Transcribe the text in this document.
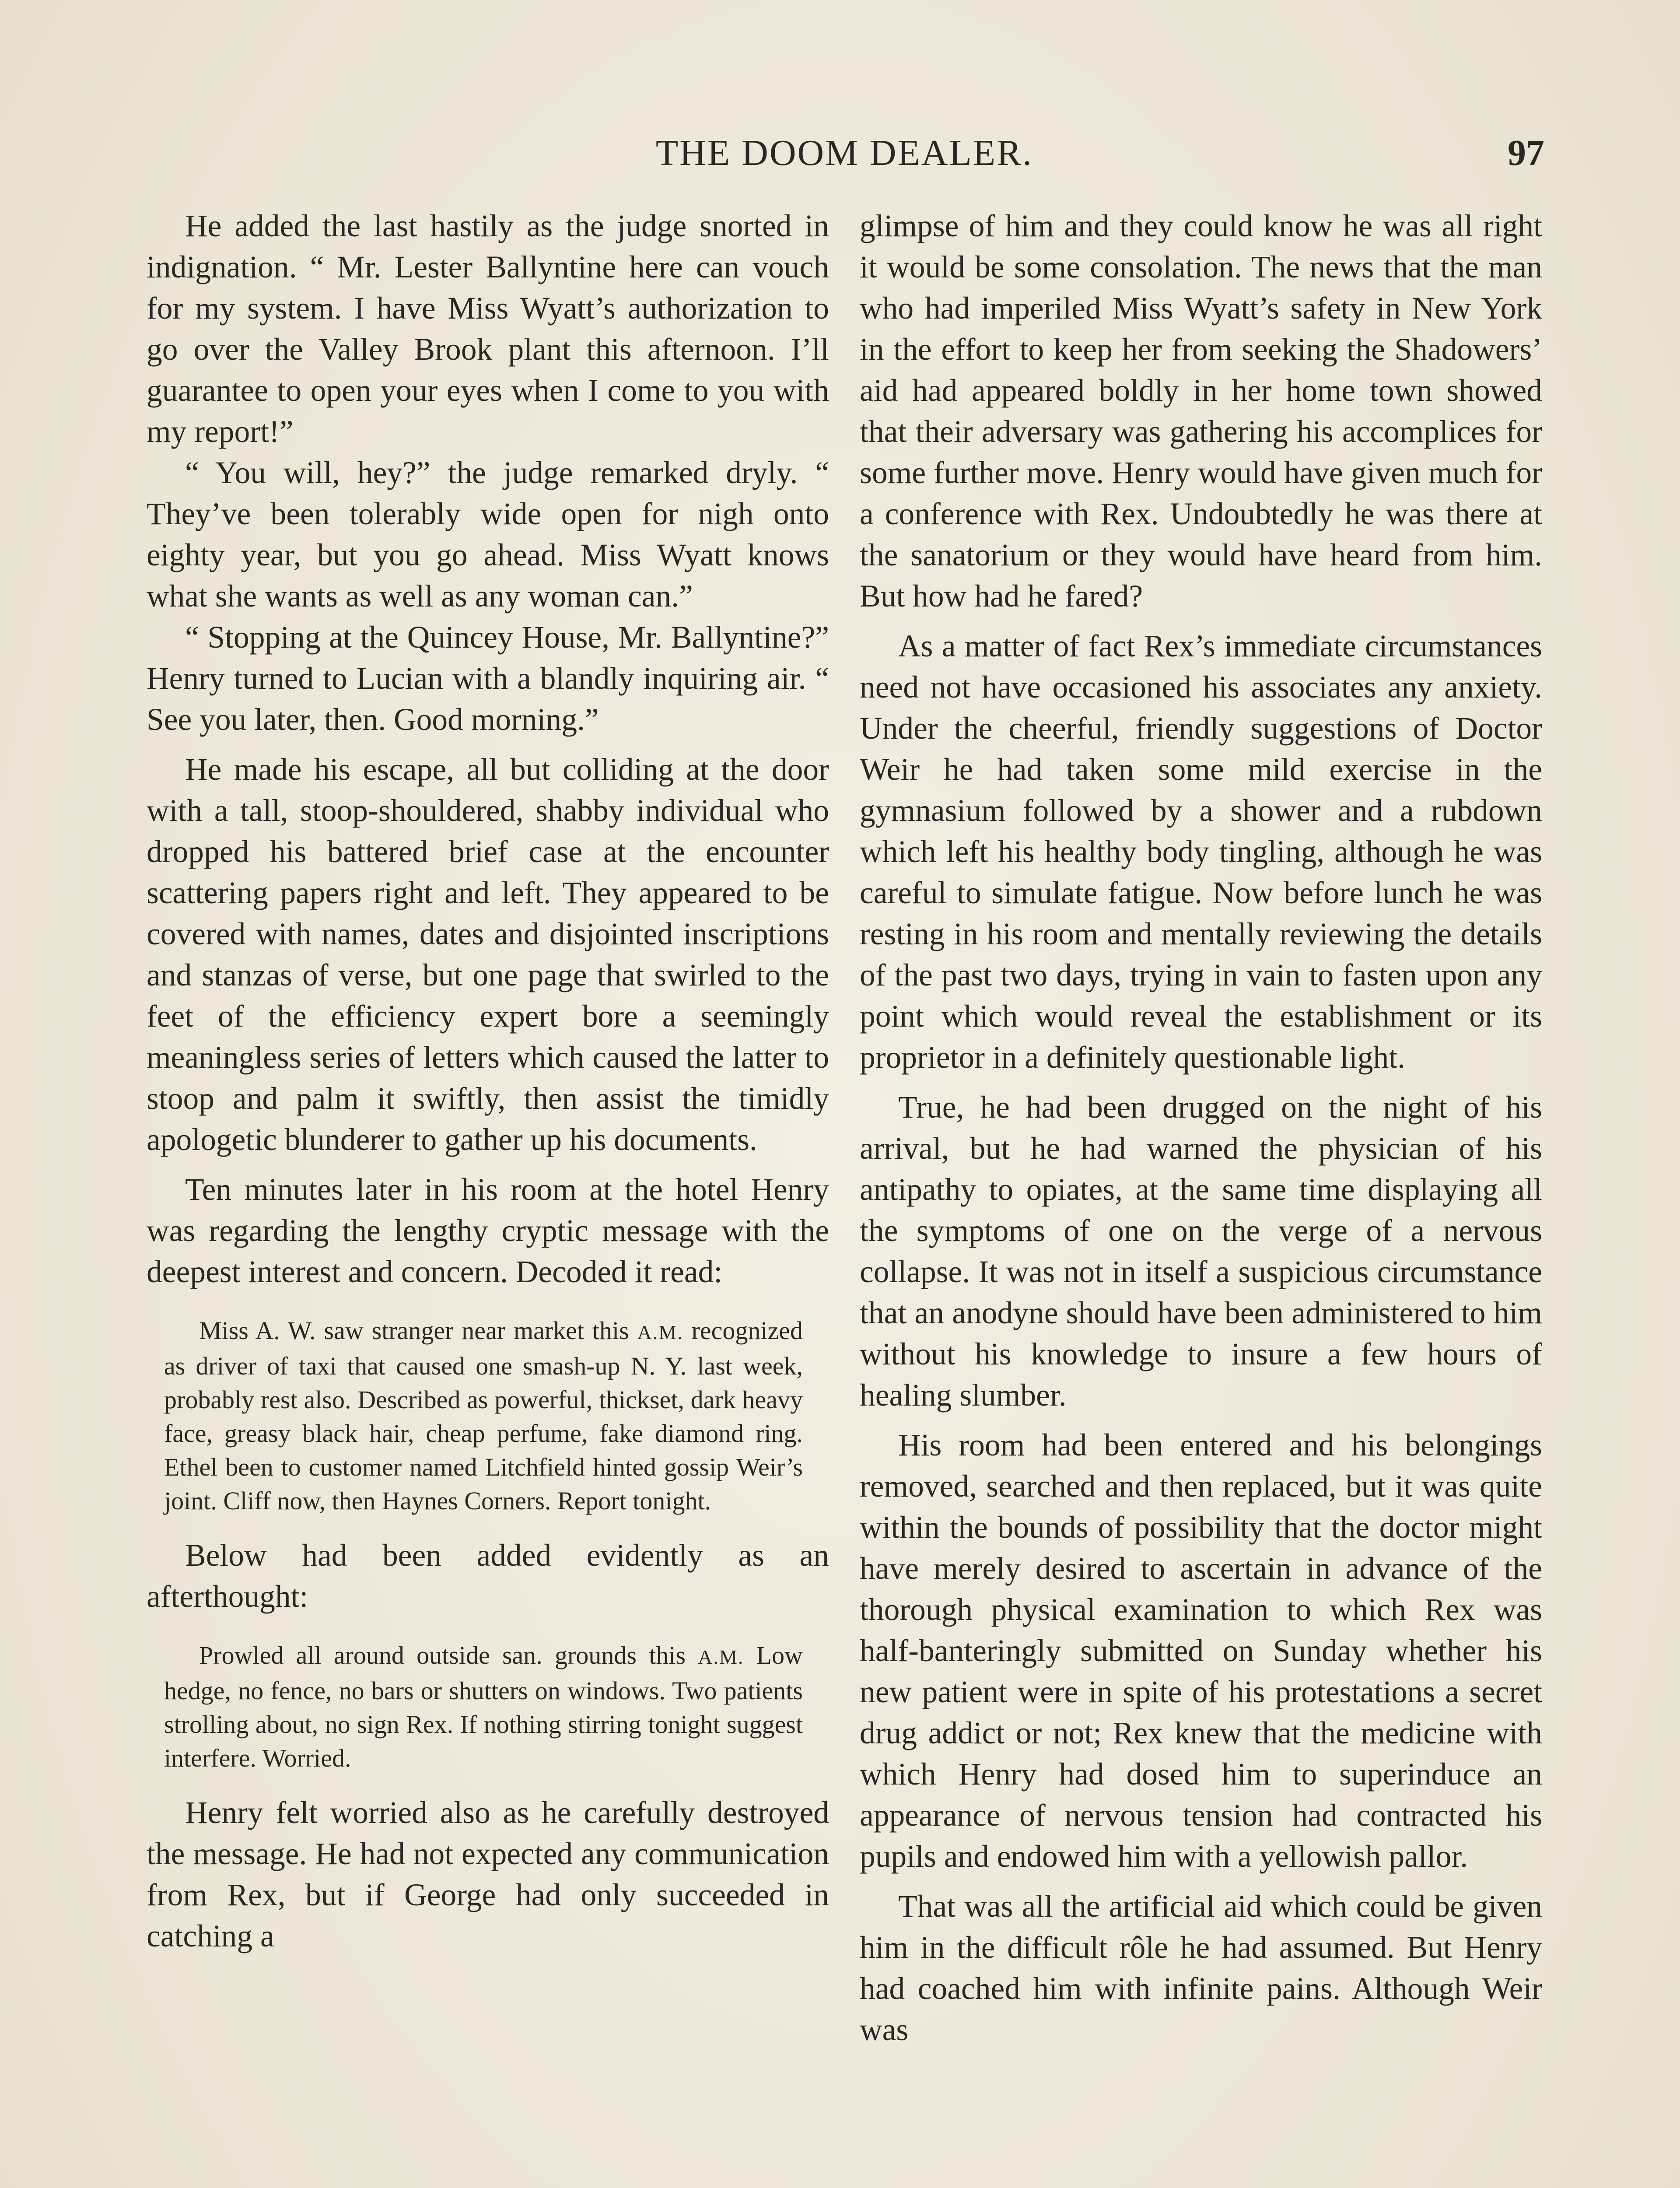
THE DOOM DEALER.	97

He added the last hastily as the judge snorted in indignation. “ Mr. Lester Ballyntine here can vouch for my system. I have Miss Wyatt’s authorization to go over the Valley Brook plant this afternoon. I’ll guarantee to open your eyes when I come to you with my report!”

“ You will, hey?” the judge remarked dryly. “ They’ve been tolerably wide open for nigh onto eighty year, but you go ahead. Miss Wyatt knows what she wants as well as any woman can.”

“ Stopping at the Quincey House, Mr. Ballyntine?” Henry turned to Lucian with a blandly inquiring air. “ See you later, then. Good morning.”

He made his escape, all but colliding at the door with a tall, stoop-shouldered, shabby individual who dropped his battered brief case at the encounter scattering papers right and left. They appeared to be covered with names, dates and disjointed inscriptions and stanzas of verse, but one page that swirled to the feet of the efficiency expert bore a seemingly meaningless series of letters which caused the latter to stoop and palm it swiftly, then assist the timidly apologetic blunderer to gather up his documents.

Ten minutes later in his room at the hotel Henry was regarding the lengthy cryptic message with the deepest interest and concern. Decoded it read:

Miss A. W. saw stranger near market this A.M. recognized as driver of taxi that caused one smash-up N. Y. last week, probably rest also. Described as powerful, thickset, dark heavy face, greasy black hair, cheap perfume, fake diamond ring. Ethel been to customer named Litchfield hinted gossip Weir’s joint. Cliff now, then Haynes Corners. Report tonight.

Below had been added evidently as an afterthought:

Prowled all around outside san. grounds this A.M. Low hedge, no fence, no bars or shutters on windows. Two patients strolling about, no sign Rex. If nothing stirring tonight suggest interfere. Worried.

Henry felt worried also as he carefully destroyed the message. He had not expected any communication from Rex, but if George had only succeeded in catching a

glimpse of him and they could know he was all right it would be some consolation. The news that the man who had imperiled Miss Wyatt’s safety in New York in the effort to keep her from seeking the Shadowers’ aid had appeared boldly in her home town showed that their adversary was gathering his accomplices for some further move. Henry would have given much for a conference with Rex. Undoubtedly he was there at the sanatorium or they would have heard from him. But how had he fared?

As a matter of fact Rex’s immediate circumstances need not have occasioned his associates any anxiety. Under the cheerful, friendly suggestions of Doctor Weir he had taken some mild exercise in the gymnasium followed by a shower and a rubdown which left his healthy body tingling, although he was careful to simulate fatigue. Now before lunch he was resting in his room and mentally reviewing the details of the past two days, trying in vain to fasten upon any point which would reveal the establishment or its proprietor in a definitely questionable light.

True, he had been drugged on the night of his arrival, but he had warned the physician of his antipathy to opiates, at the same time displaying all the symptoms of one on the verge of a nervous collapse. It was not in itself a suspicious circumstance that an anodyne should have been administered to him without his knowledge to insure a few hours of healing slumber.

His room had been entered and his belongings removed, searched and then replaced, but it was quite within the bounds of possibility that the doctor might have merely desired to ascertain in advance of the thorough physical examination to which Rex was half-banteringly submitted on Sunday whether his new patient were in spite of his protestations a secret drug addict or not; Rex knew that the medicine with which Henry had dosed him to superinduce an appearance of nervous tension had contracted his pupils and endowed him with a yellowish pallor.

That was all the artificial aid which could be given him in the difficult rôle he had assumed. But Henry had coached him with infinite pains. Although Weir was
